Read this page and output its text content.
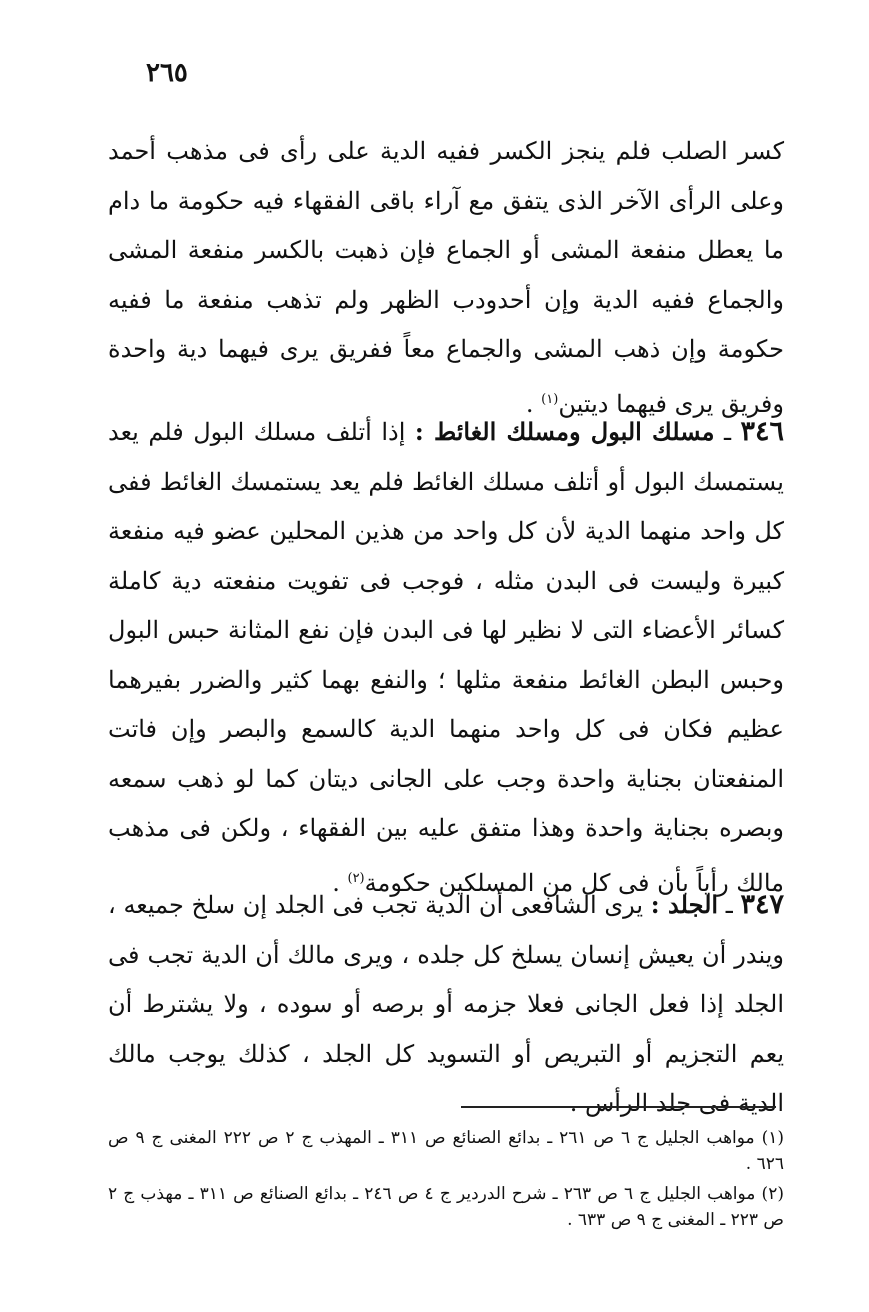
٢٦٥

كسر الصلب فلم ينجز الكسر ففيه الدية على رأى فى مذهب أحمد وعلى الرأى الآخر الذى يتفق مع آراء باقى الفقهاء فيه حكومة ما دام ما يعطل منفعة المشى أو الجماع فإن ذهبت بالكسر منفعة المشى والجماع ففيه الدية وإن أحدودب الظهر ولم تذهب منفعة ما ففيه حكومة وإن ذهب المشى والجماع معاً ففريق يرى فيهما دية واحدة وفريق يرى فيهما ديتين$^{(١)}$ .

٣٤٦ ـ مسلك البول ومسلك الغائط : إذا أتلف مسلك البول فلم يعد يستمسك البول أو أتلف مسلك الغائط فلم يعد يستمسك الغائط ففى كل واحد منهما الدية لأن كل واحد من هذين المحلين عضو فيه منفعة كبيرة وليست فى البدن مثله ، فوجب فى تفويت منفعته دية كاملة كسائر الأعضاء التى لا نظير لها فى البدن فإن نفع المثانة حبس البول وحبس البطن الغائط منفعة مثلها ؛ والنفع بهما كثير والضرر بفيرهما عظيم فكان فى كل واحد منهما الدية كالسمع والبصر وإن فاتت المنفعتان بجناية واحدة وجب على الجانى ديتان كما لو ذهب سمعه وبصره بجناية واحدة وهذا متفق عليه بين الفقهاء ، ولكن فى مذهب مالك رأياً بأن فى كل من المسلكين حكومة$^{(٢)}$ .

٣٤٧ ـ الجلد : يرى الشافعى أن الدية تجب فى الجلد إن سلخ جميعه ، ويندر أن يعيش إنسان يسلخ كل جلده ، ويرى مالك أن الدية تجب فى الجلد إذا فعل الجانى فعلا جزمه أو برصه أو سوده ، ولا يشترط أن يعم التجزيم أو التبريص أو التسويد كل الجلد ، كذلك يوجب مالك الدية فى جلد الرأس .

(١) مواهب الجليل ج ٦ ص ٢٦١ ـ بدائع الصنائع ص ٣١١ ـ المهذب ج ٢ ص ٢٢٢ المغنى ج ٩ ص ٦٢٦ .

(٢) مواهب الجليل ج ٦ ص ٢٦٣ ـ شرح الدردير ج ٤ ص ٢٤٦ ـ بدائع الصنائع ص ٣١١ ـ مهذب ج ٢ ص ٢٢٣ ـ المغنى ج ٩ ص ٦٣٣ .
